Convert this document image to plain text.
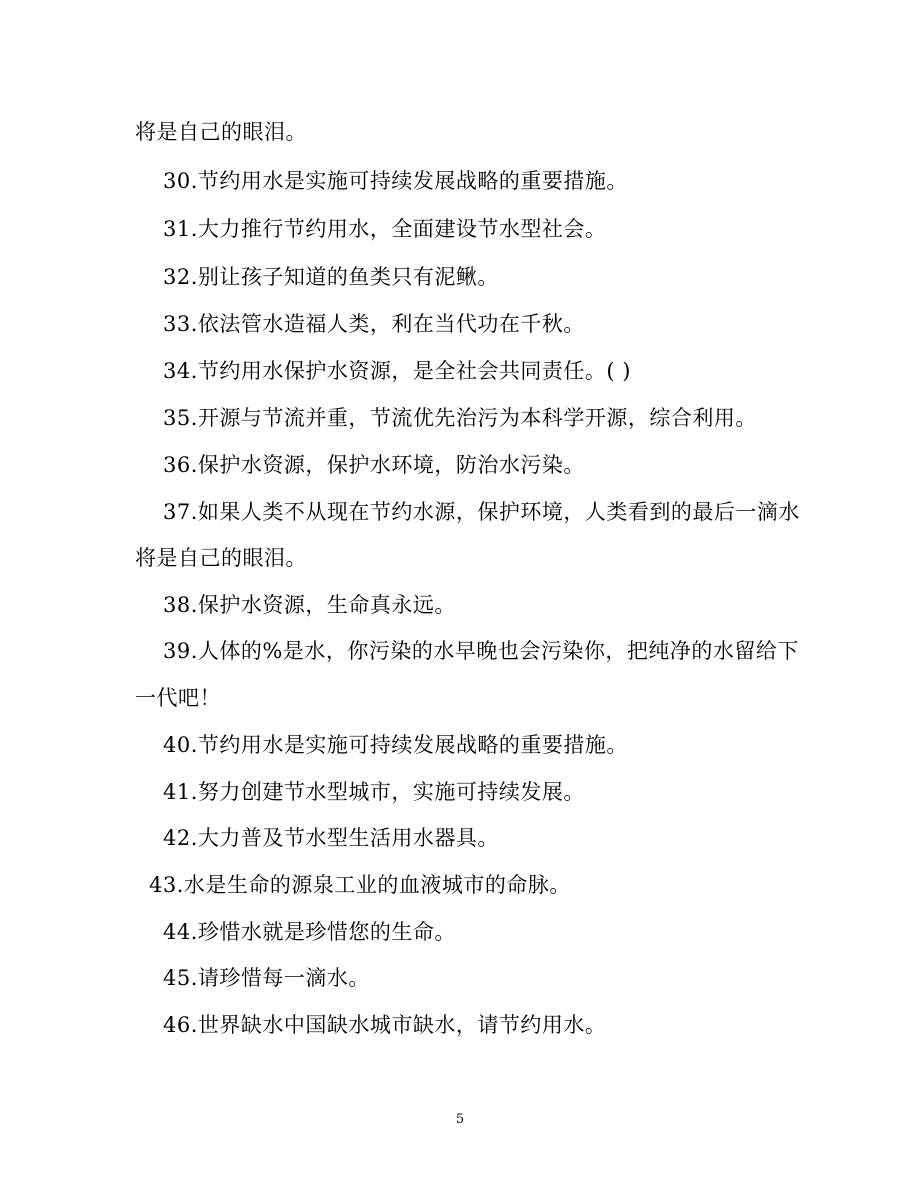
将是自己的眼泪。
30.节约用水是实施可持续发展战略的重要措施。
31.大力推行节约用水，全面建设节水型社会。
32.别让孩子知道的鱼类只有泥鳅。
33.依法管水造福人类，利在当代功在千秋。
34.节约用水保护水资源，是全社会共同责任。( )
35.开源与节流并重，节流优先治污为本科学开源，综合利用。
36.保护水资源，保护水环境，防治水污染。
37.如果人类不从现在节约水源，保护环境，人类看到的最后一滴水
将是自己的眼泪。
38.保护水资源，生命真永远。
39.人体的%是水，你污染的水早晚也会污染你，把纯净的水留给下
一代吧！
40.节约用水是实施可持续发展战略的重要措施。
41.努力创建节水型城市，实施可持续发展。
42.大力普及节水型生活用水器具。
43.水是生命的源泉工业的血液城市的命脉。
44.珍惜水就是珍惜您的生命。
45.请珍惜每一滴水。
46.世界缺水中国缺水城市缺水，请节约用水。
5
